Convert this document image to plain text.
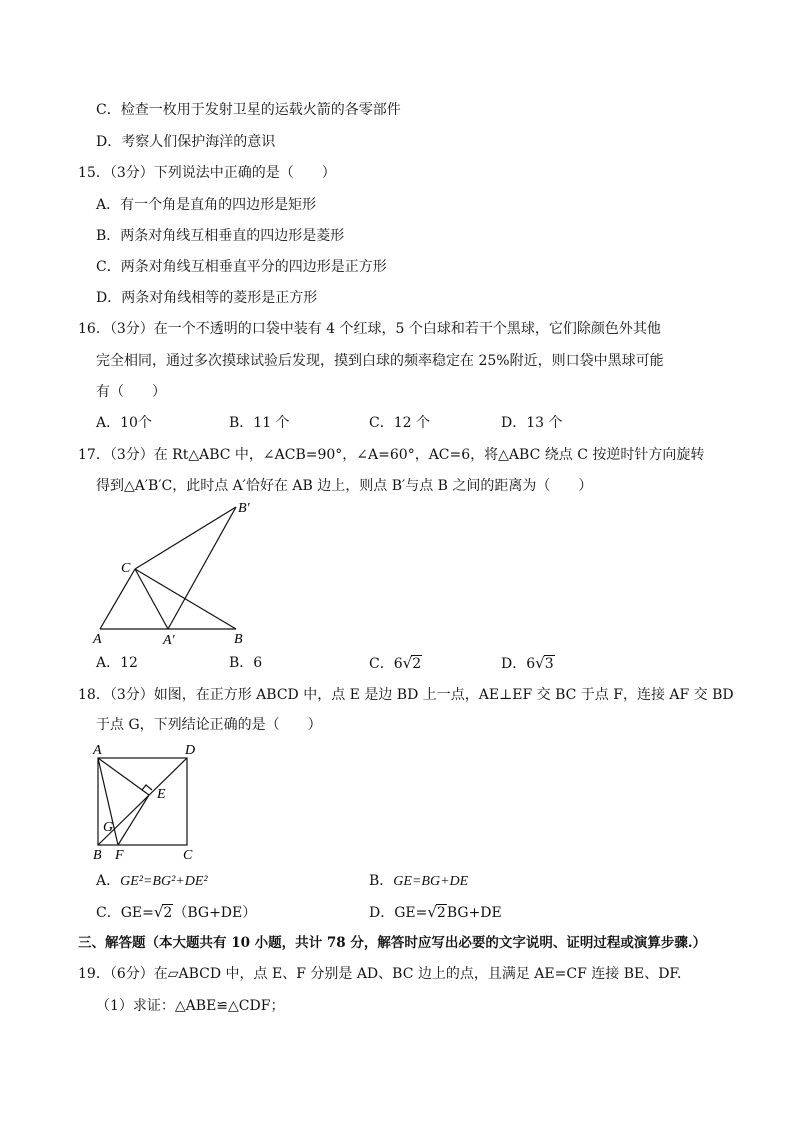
C．检查一枚用于发射卫星的运载火箭的各零部件
D．考察人们保护海洋的意识
15．（3分）下列说法中正确的是（　　）
A．有一个角是直角的四边形是矩形
B．两条对角线互相垂直的四边形是菱形
C．两条对角线互相垂直平分的四边形是正方形
D．两条对角线相等的菱形是正方形
16．（3分）在一个不透明的口袋中装有 4 个红球，5 个白球和若干个黑球，它们除颜色外其他
完全相同，通过多次摸球试验后发现，摸到白球的频率稳定在 25%附近，则口袋中黑球可能
有（　　）
A．10个	B．11 个	C．12 个	D．13 个
17．（3分）在 Rt△ABC 中，∠ACB=90°，∠A=60°，AC=6，将△ABC 绕点 C 按逆时针方向旋转
得到△A′B′C，此时点 A′恰好在 AB 边上，则点 B′与点 B 之间的距离为（　　）
A	A′	B
B′
C
A．12	B．6	C．6√2	D．6√3
18．（3分）如图，在正方形 ABCD 中，点 E 是边 BD 上一点，AE⊥EF 交 BC 于点 F，连接 AF 交 BD
于点 G，下列结论正确的是（　　）
A	D
E
G
B F	C
A．GE²=BG²+DE²	B．GE=BG+DE
C．GE=√2（BG+DE）	D．GE=√2BG+DE
三、解答题（本大题共有 10 小题，共计 78 分，解答时应写出必要的文字说明、证明过程或演算步骤.）
19．（6分）在▱ABCD 中，点 E、F 分别是 AD、BC 边上的点，且满足 AE=CF 连接 BE、DF.
（1）求证：△ABE≌△CDF；
